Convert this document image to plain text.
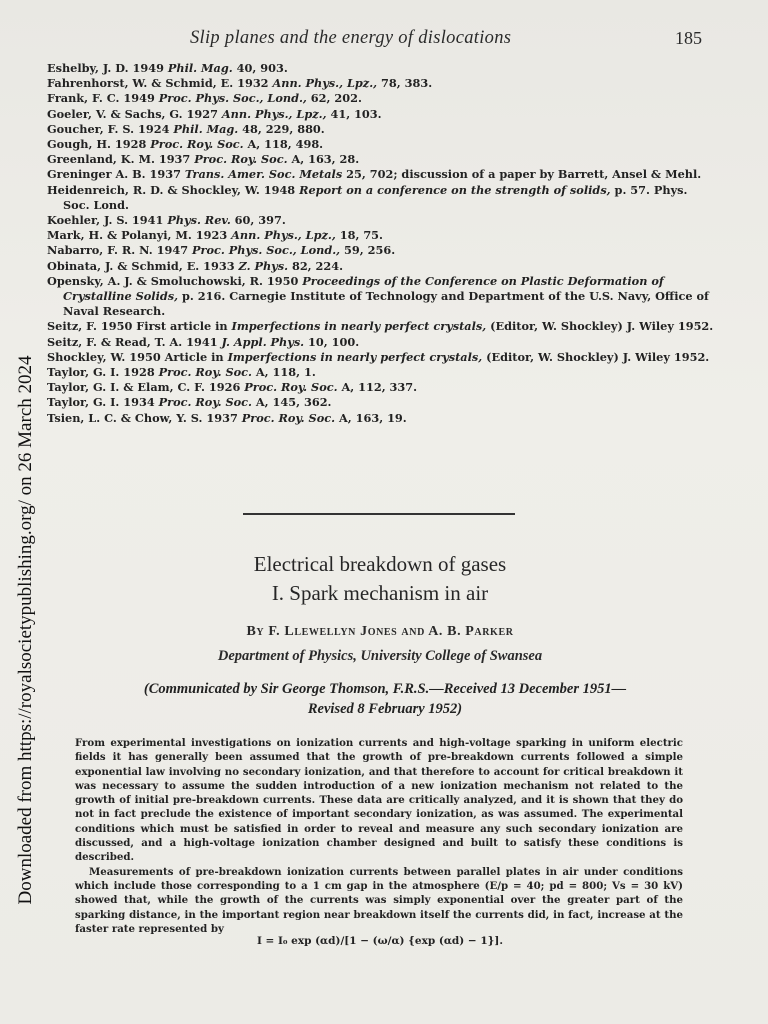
Downloaded from https://royalsocietypublishing.org/ on 26 March 2024
Slip planes and the energy of dislocations	185

Eshelby, J. D. 1949 Phil. Mag. 40, 903.

Fahrenhorst, W. & Schmid, E. 1932 Ann. Phys., Lpz., 78, 383.

Frank, F. C. 1949 Proc. Phys. Soc., Lond., 62, 202.

Goeler, V. & Sachs, G. 1927 Ann. Phys., Lpz., 41, 103.

Goucher, F. S. 1924 Phil. Mag. 48, 229, 880.

Gough, H. 1928 Proc. Roy. Soc. A, 118, 498.

Greenland, K. M. 1937 Proc. Roy. Soc. A, 163, 28.

Greninger A. B. 1937 Trans. Amer. Soc. Metals 25, 702; discussion of a paper by Barrett, Ansel & Mehl.

Heidenreich, R. D. & Shockley, W. 1948 Report on a conference on the strength of solids, p. 57. Phys. Soc. Lond.

Koehler, J. S. 1941 Phys. Rev. 60, 397.

Mark, H. & Polanyi, M. 1923 Ann. Phys., Lpz., 18, 75.

Nabarro, F. R. N. 1947 Proc. Phys. Soc., Lond., 59, 256.

Obinata, J. & Schmid, E. 1933 Z. Phys. 82, 224.

Opensky, A. J. & Smoluchowski, R. 1950 Proceedings of the Conference on Plastic Deformation of Crystalline Solids, p. 216. Carnegie Institute of Technology and Department of the U.S. Navy, Office of Naval Research.

Seitz, F. 1950 First article in Imperfections in nearly perfect crystals, (Editor, W. Shockley) J. Wiley 1952.

Seitz, F. & Read, T. A. 1941 J. Appl. Phys. 10, 100.

Shockley, W. 1950 Article in Imperfections in nearly perfect crystals, (Editor, W. Shockley) J. Wiley 1952.

Taylor, G. I. 1928 Proc. Roy. Soc. A, 118, 1.

Taylor, G. I. & Elam, C. F. 1926 Proc. Roy. Soc. A, 112, 337.

Taylor, G. I. 1934 Proc. Roy. Soc. A, 145, 362.

Tsien, L. C. & Chow, Y. S. 1937 Proc. Roy. Soc. A, 163, 19.

Electrical breakdown of gases
I. Spark mechanism in air
By F. Llewellyn Jones and A. B. Parker
Department of Physics, University College of Swansea
(Communicated by Sir George Thomson, F.R.S.—Received 13 December 1951—
Revised 8 February 1952)

From experimental investigations on ionization currents and high-voltage sparking in uniform electric fields it has generally been assumed that the growth of pre-breakdown currents followed a simple exponential law involving no secondary ionization, and that therefore to account for critical breakdown it was necessary to assume the sudden introduction of a new ionization mechanism not related to the growth of initial pre-breakdown currents. These data are critically analyzed, and it is shown that they do not in fact preclude the existence of important secondary ionization, as was assumed. The experimental conditions which must be satisfied in order to reveal and measure any such secondary ionization are discussed, and a high-voltage ionization chamber designed and built to satisfy these conditions is described.

Measurements of pre-breakdown ionization currents between parallel plates in air under conditions which include those corresponding to a 1 cm gap in the atmosphere (E/p = 40; pd = 800; Vs = 30 kV) showed that, while the growth of the currents was simply exponential over the greater part of the sparking distance, in the important region near breakdown itself the currents did, in fact, increase at the faster rate represented by

I = I₀ exp (αd)/[1 − (ω/α) {exp (αd) − 1}].
